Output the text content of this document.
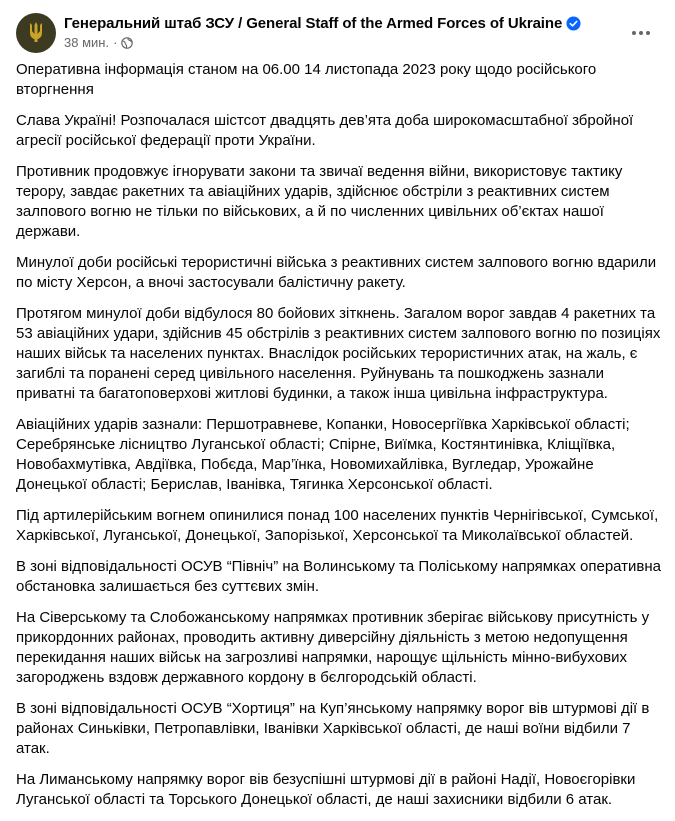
Генеральний штаб ЗСУ / General Staff of the Armed Forces of Ukraine
38 мин. ·

Оперативна інформація станом на 06.00 14 листопада 2023 року щодо російського вторгнення

Слава Україні! Розпочалася шістсот двадцять дев’ята доба широкомасштабної збройної агресії російської федерації проти України.

Противник продовжує ігнорувати закони та звичаї ведення війни, використовує тактику терору, завдає ракетних та авіаційних ударів, здійснює обстріли з реактивних систем залпового вогню не тільки по військових, а й по численних цивільних об’єктах нашої держави.

Минулої доби російські терористичні війська з реактивних систем залпового вогню вдарили по місту Херсон, а вночі застосували балістичну ракету.

Протягом минулої доби відбулося 80 бойових зіткнень. Загалом ворог завдав 4 ракетних та 53 авіаційних удари, здійснив 45 обстрілів з реактивних систем залпового вогню по позиціях наших військ та населених пунктах. Внаслідок російських терористичних атак, на жаль, є загиблі та поранені серед цивільного населення. Руйнувань та пошкоджень зазнали приватні та багатоповерхові житлові будинки, а також інша цивільна інфраструктура.

Авіаційних ударів зазнали: Першотравневе, Копанки, Новосергіївка Харківської області; Серебрянське лісництво Луганської області; Спірне, Виїмка, Костянтинівка, Кліщіївка, Новобахмутівка, Авдіївка, Побєда, Мар’їнка, Новомихайлівка, Вугледар, Урожайне Донецької області; Берислав, Іванівка, Тягинка Херсонської області.

Під артилерійським вогнем опинилися понад 100 населених пунктів Чернігівської, Сумської, Харківської, Луганської, Донецької, Запорізької, Херсонської та Миколаївської областей.

В зоні відповідальності ОСУВ “Північ” на Волинському та Поліському напрямках оперативна обстановка залишається без суттєвих змін.

На Сіверському та Слобожанському напрямках противник зберігає військову присутність у прикордонних районах, проводить активну диверсійну діяльність з метою недопущення перекидання наших військ на загрозливі напрямки, нарощує щільність мінно-вибухових загороджень вздовж державного кордону в бєлгородській області.

В зоні відповідальності ОСУВ “Хортиця” на Куп’янському напрямку ворог вів штурмові дії в районах Синьківки, Петропавлівки, Іванівки Харківської області, де наші воїни відбили 7 атак.

На Лиманському напрямку ворог вів безуспішні штурмові дії в районі Надії, Новоєгорівки Луганської області та Торського Донецької області, де наші захисники відбили 6 атак.
